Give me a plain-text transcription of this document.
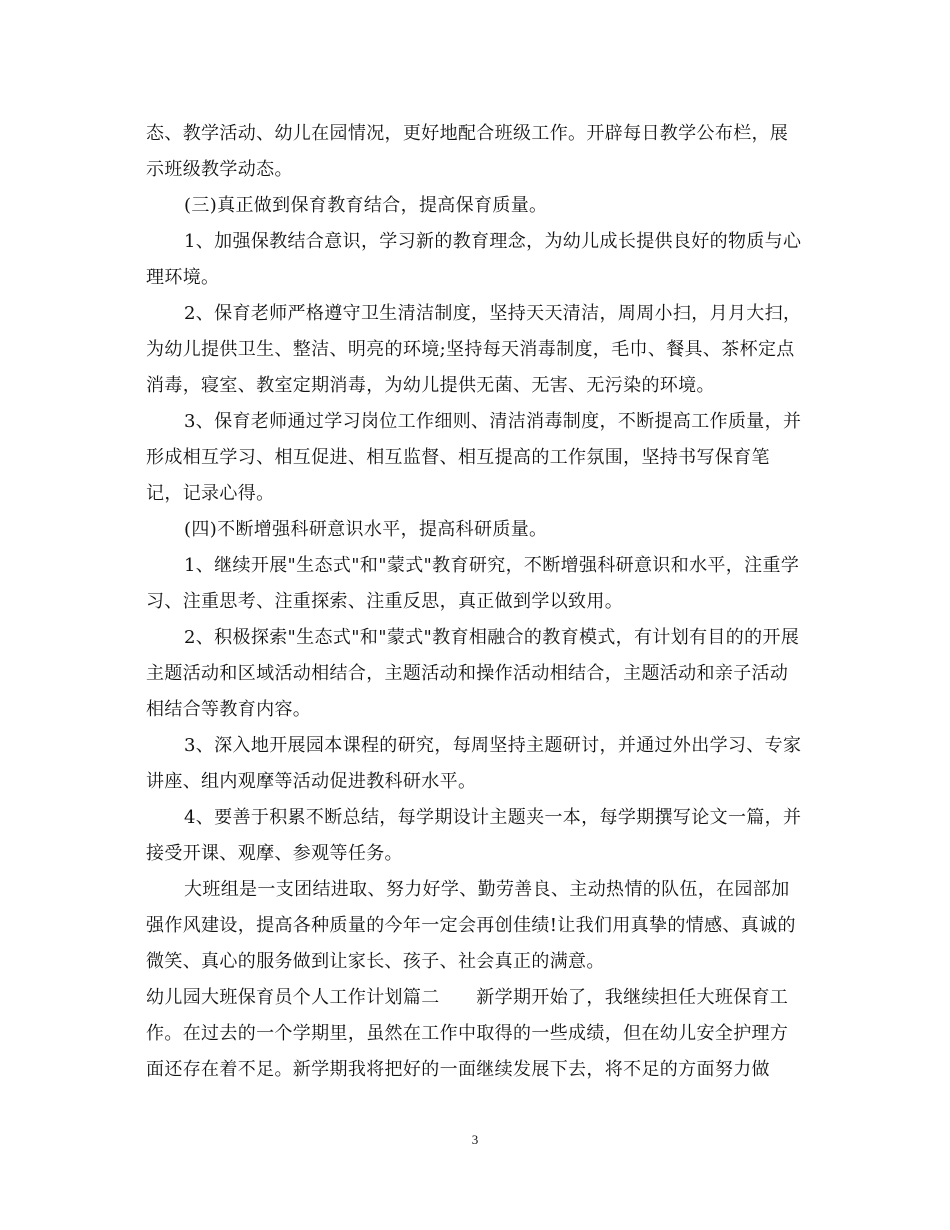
态、教学活动、幼儿在园情况，更好地配合班级工作。开辟每日教学公布栏，展
示班级教学动态。
(三)真正做到保育教育结合，提高保育质量。
1、加强保教结合意识，学习新的教育理念，为幼儿成长提供良好的物质与心
理环境。
2、保育老师严格遵守卫生清洁制度，坚持天天清洁，周周小扫，月月大扫，
为幼儿提供卫生、整洁、明亮的环境;坚持每天消毒制度，毛巾、餐具、茶杯定点
消毒，寝室、教室定期消毒，为幼儿提供无菌、无害、无污染的环境。
3、保育老师通过学习岗位工作细则、清洁消毒制度，不断提高工作质量，并
形成相互学习、相互促进、相互监督、相互提高的工作氛围，坚持书写保育笔
记，记录心得。
(四)不断增强科研意识水平，提高科研质量。
1、继续开展"生态式"和"蒙式"教育研究，不断增强科研意识和水平，注重学
习、注重思考、注重探索、注重反思，真正做到学以致用。
2、积极探索"生态式"和"蒙式"教育相融合的教育模式，有计划有目的的开展
主题活动和区域活动相结合，主题活动和操作活动相结合，主题活动和亲子活动
相结合等教育内容。
3、深入地开展园本课程的研究，每周坚持主题研讨，并通过外出学习、专家
讲座、组内观摩等活动促进教科研水平。
4、要善于积累不断总结，每学期设计主题夹一本，每学期撰写论文一篇，并
接受开课、观摩、参观等任务。
大班组是一支团结进取、努力好学、勤劳善良、主动热情的队伍，在园部加
强作风建设，提高各种质量的今年一定会再创佳绩!让我们用真挚的情感、真诚的
微笑、真心的服务做到让家长、孩子、社会真正的满意。
幼儿园大班保育员个人工作计划篇二　　新学期开始了，我继续担任大班保育工
作。在过去的一个学期里，虽然在工作中取得的一些成绩，但在幼儿安全护理方
面还存在着不足。新学期我将把好的一面继续发展下去，将不足的方面努力做
3
